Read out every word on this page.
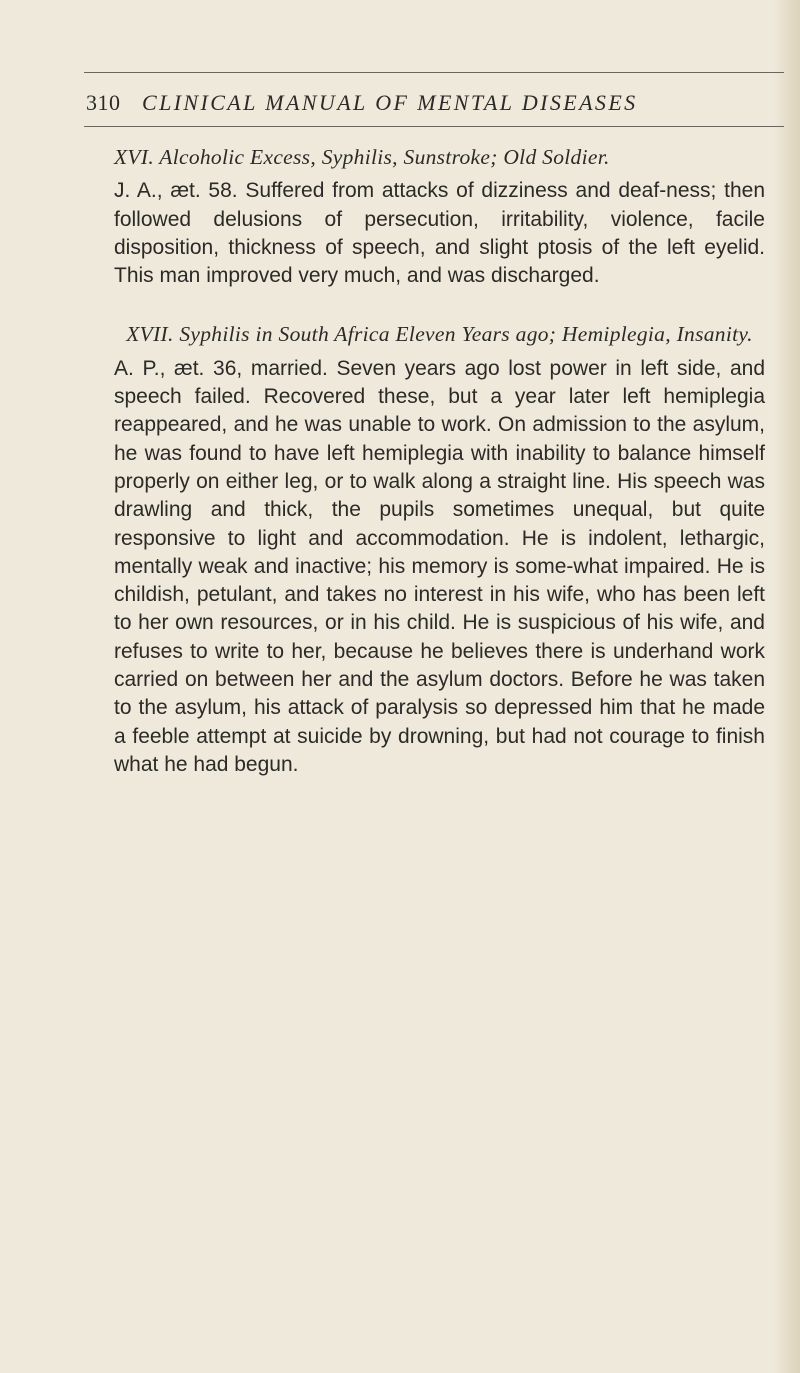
310 CLINICAL MANUAL OF MENTAL DISEASES

XVI. Alcoholic Excess, Syphilis, Sunstroke; Old Soldier.

J. A., æt. 58. Suffered from attacks of dizziness and deaf-ness; then followed delusions of persecution, irritability, violence, facile disposition, thickness of speech, and slight ptosis of the left eyelid. This man improved very much, and was discharged.

XVII. Syphilis in South Africa Eleven Years ago; Hemiplegia, Insanity.

A. P., æt. 36, married. Seven years ago lost power in left side, and speech failed. Recovered these, but a year later left hemiplegia reappeared, and he was unable to work. On admission to the asylum, he was found to have left hemiplegia with inability to balance himself properly on either leg, or to walk along a straight line. His speech was drawling and thick, the pupils sometimes unequal, but quite responsive to light and accommodation. He is indolent, lethargic, mentally weak and inactive; his memory is some-what impaired. He is childish, petulant, and takes no interest in his wife, who has been left to her own resources, or in his child. He is suspicious of his wife, and refuses to write to her, because he believes there is underhand work carried on between her and the asylum doctors. Before he was taken to the asylum, his attack of paralysis so depressed him that he made a feeble attempt at suicide by drowning, but had not courage to finish what he had begun.
